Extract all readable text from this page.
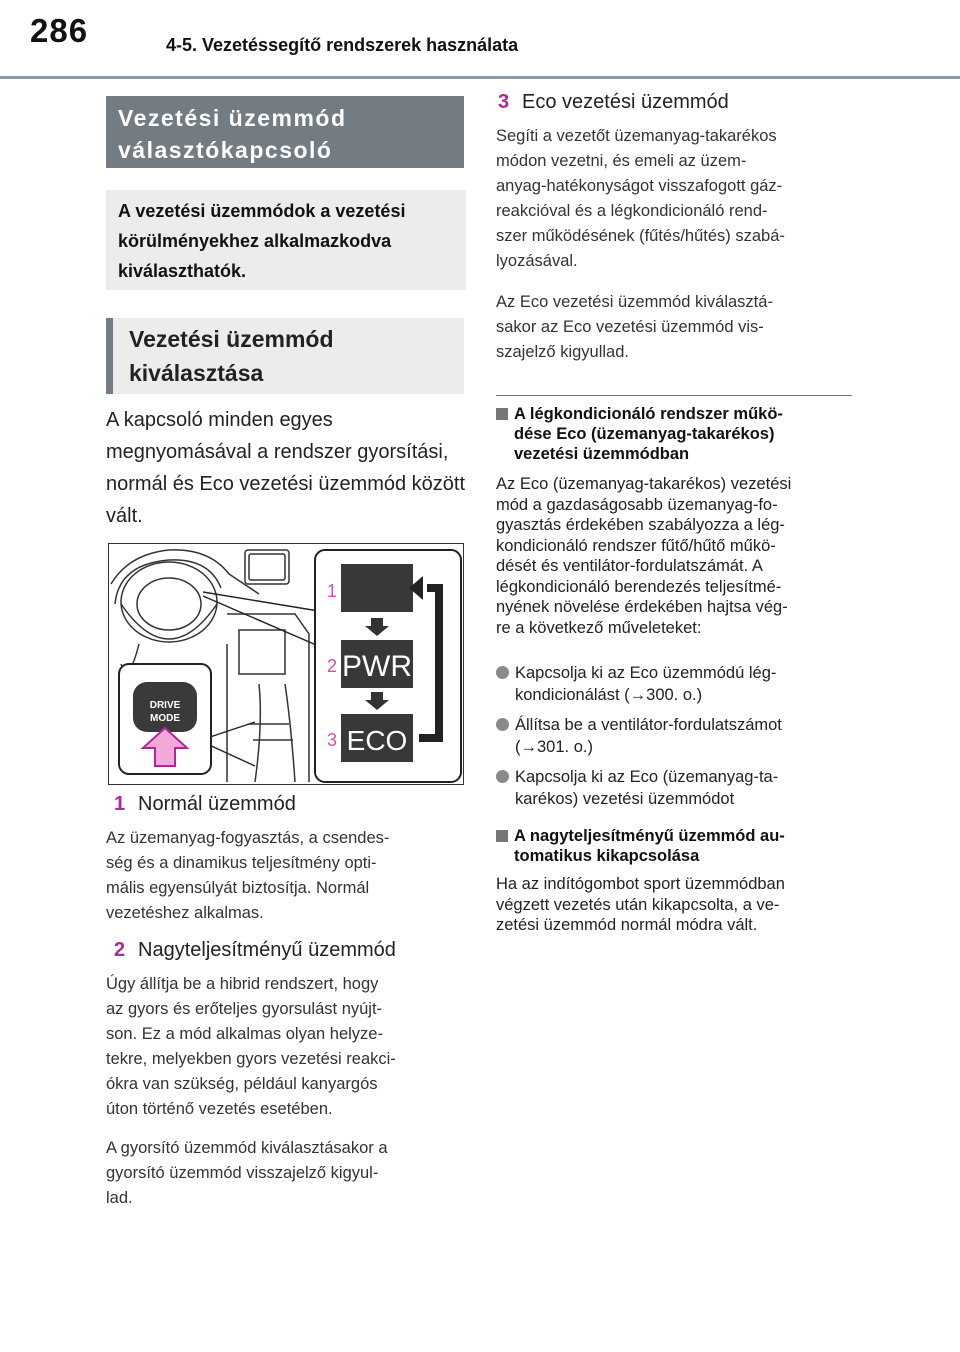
286	4-5. Vezetéssegítő rendszerek használata
Vezetési üzemmód választókapcsoló
A vezetési üzemmódok a vezetési körülményekhez alkalmazkodva kiválaszthatók.
Vezetési üzemmód kiválasztása
A kapcsoló minden egyes megnyomásával a rendszer gyorsítási, normál és Eco vezetési üzemmód között vált.
DRIVE
MODE
1
2
3
PWR
ECO
1 Normál üzemmód
Az üzemanyag-fogyasztás, a csendes-
ség és a dinamikus teljesítmény opti-
mális egyensúlyát biztosítja. Normál
vezetéshez alkalmas.
2 Nagyteljesítményű üzemmód
Úgy állítja be a hibrid rendszert, hogy
az gyors és erőteljes gyorsulást nyújt-
son. Ez a mód alkalmas olyan helyze-
tekre, melyekben gyors vezetési reakci-
ókra van szükség, például kanyargós
úton történő vezetés esetében.
A gyorsító üzemmód kiválasztásakor a
gyorsító üzemmód visszajelző kigyul-
lad.
3 Eco vezetési üzemmód
Segíti a vezetőt üzemanyag-takarékos
módon vezetni, és emeli az üzem-
anyag-hatékonyságot visszafogott gáz-
reakcióval és a légkondicionáló rend-
szer működésének (fűtés/hűtés) szabá-
lyozásával.
Az Eco vezetési üzemmód kiválasztá-
sakor az Eco vezetési üzemmód vis-
szajelző kigyullad.
A légkondicionáló rendszer műkö-
dése Eco (üzemanyag-takarékos)
vezetési üzemmódban
Az Eco (üzemanyag-takarékos) vezetési
mód a gazdaságosabb üzemanyag-fo-
gyasztás érdekében szabályozza a lég-
kondicionáló rendszer fűtő/hűtő műkö-
dését és ventilátor-fordulatszámát. A
légkondicionáló berendezés teljesítmé-
nyének növelése érdekében hajtsa vég-
re a következő műveleteket:
Kapcsolja ki az Eco üzemmódú lég-
kondicionálást (→300. o.)
Állítsa be a ventilátor-fordulatszámot
(→301. o.)
Kapcsolja ki az Eco (üzemanyag-ta-
karékos) vezetési üzemmódot
A nagyteljesítményű üzemmód au-
tomatikus kikapcsolása
Ha az indítógombot sport üzemmódban
végzett vezetés után kikapcsolta, a ve-
zetési üzemmód normál módra vált.
